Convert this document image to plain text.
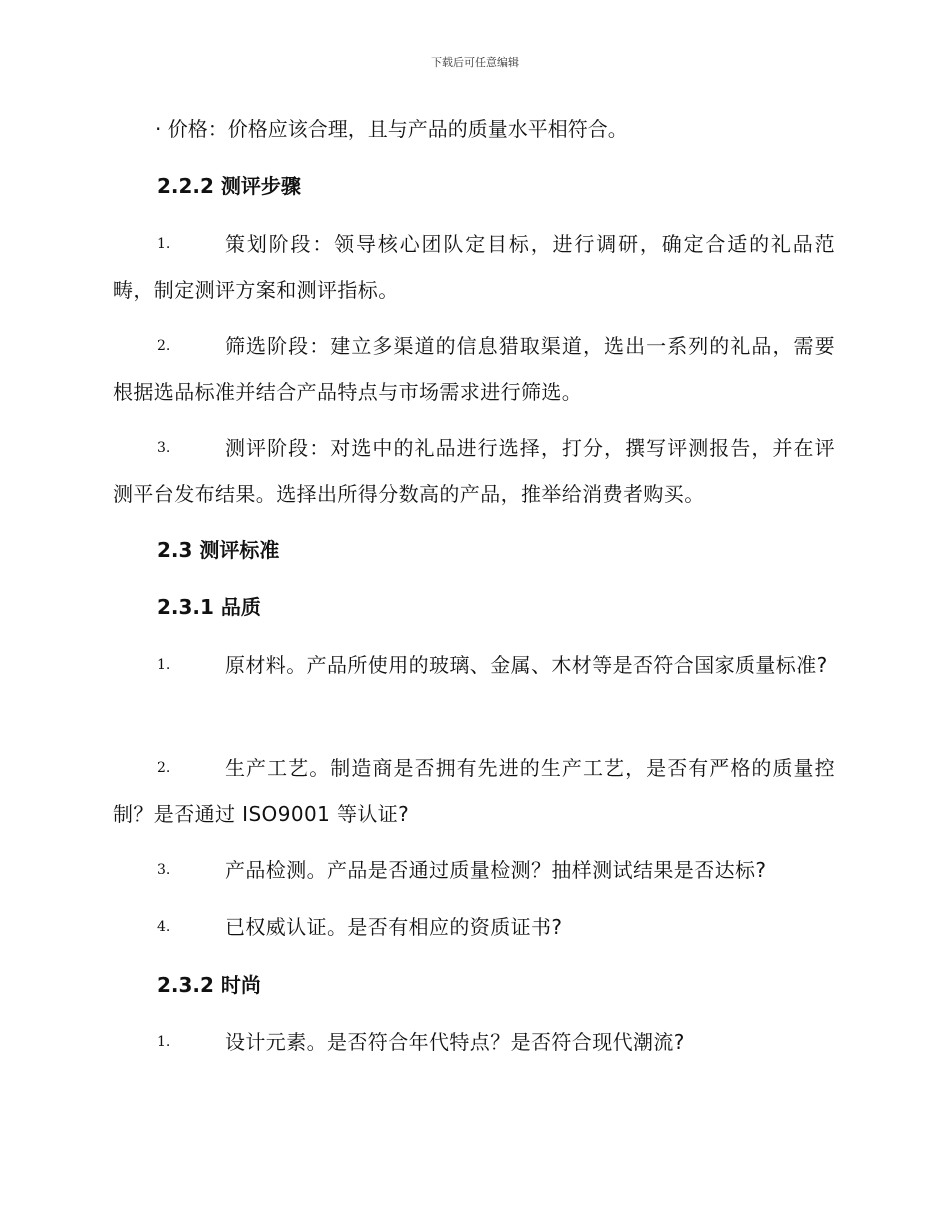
下载后可任意编辑
· 价格：价格应该合理，且与产品的质量水平相符合。
2.2.2 测评步骤
1.	策划阶段：领导核心团队定目标，进行调研，确定合适的礼品范畴，制定测评方案和测评指标。
2.	筛选阶段：建立多渠道的信息猎取渠道，选出一系列的礼品，需要根据选品标准并结合产品特点与市场需求进行筛选。
3.	测评阶段：对选中的礼品进行选择，打分，撰写评测报告，并在评测平台发布结果。选择出所得分数高的产品，推举给消费者购买。
2.3 测评标准
2.3.1 品质
1.	原材料。产品所使用的玻璃、金属、木材等是否符合国家质量标准?
2.	生产工艺。制造商是否拥有先进的生产工艺，是否有严格的质量控制？是否通过 ISO9001 等认证?
3.	产品检测。产品是否通过质量检测？抽样测试结果是否达标?
4.	已权威认证。是否有相应的资质证书?
2.3.2 时尚
1.	设计元素。是否符合年代特点？是否符合现代潮流?
